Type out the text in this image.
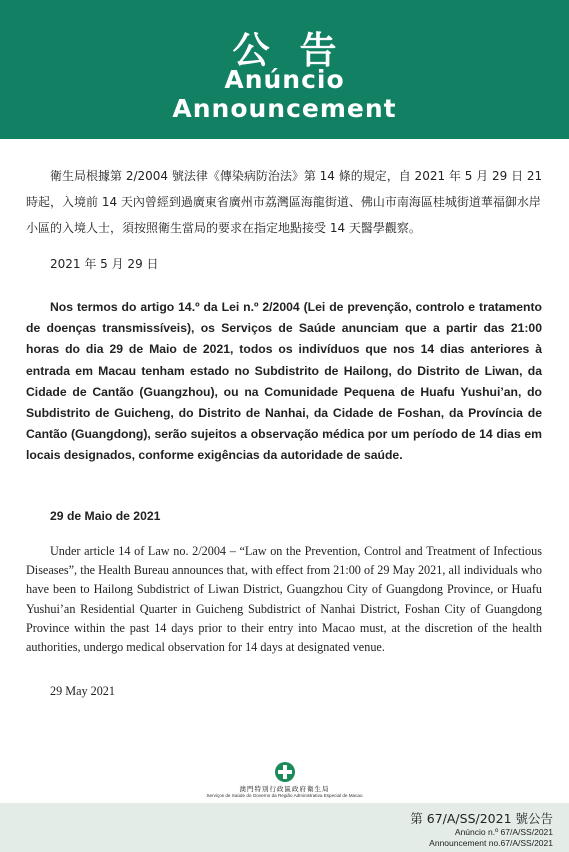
公告
Anúncio
Announcement
衛生局根據第 2/2004 號法律《傳染病防治法》第 14 條的規定，自 2021 年 5 月 29 日 21 時起，入境前 14 天內曾經到過廣東省廣州市荔灣區海龍街道、佛山市南海區桂城街道華福御水岸小區的入境人士，須按照衛生當局的要求在指定地點接受 14 天醫學觀察。
2021 年 5 月 29 日
Nos termos do artigo 14.º da Lei n.º 2/2004 (Lei de prevenção, controlo e tratamento de doenças transmissíveis), os Serviços de Saúde anunciam que a partir das 21:00 horas do dia 29 de Maio de 2021, todos os indivíduos que nos 14 dias anteriores à entrada em Macau tenham estado no Subdistrito de Hailong, do Distrito de Liwan, da Cidade de Cantão (Guangzhou), ou na Comunidade Pequena de Huafu Yushui’an, do Subdistrito de Guicheng, do Distrito de Nanhai, da Cidade de Foshan, da Província de Cantão (Guangdong), serão sujeitos a observação médica por um período de 14 dias em locais designados, conforme exigências da autoridade de saúde.
29 de Maio de 2021
Under article 14 of Law no. 2/2004 – “Law on the Prevention, Control and Treatment of Infectious Diseases”, the Health Bureau announces that, with effect from 21:00 of 29 May 2021, all individuals who have been to Hailong Subdistrict of Liwan District, Guangzhou City of Guangdong Province, or Huafu Yushui’an Residential Quarter in Guicheng Subdistrict of Nanhai District, Foshan City of Guangdong Province within the past 14 days prior to their entry into Macao must, at the discretion of the health authorities, undergo medical observation for 14 days at designated venue.
29 May 2021
澳門特別行政區政府衛生局
Serviços de Saúde do Governo da Região Administrativa Especial de Macau
第 67/A/SS/2021 號公告
Anúncio n.º 67/A/SS/2021
Announcement no.67/A/SS/2021
